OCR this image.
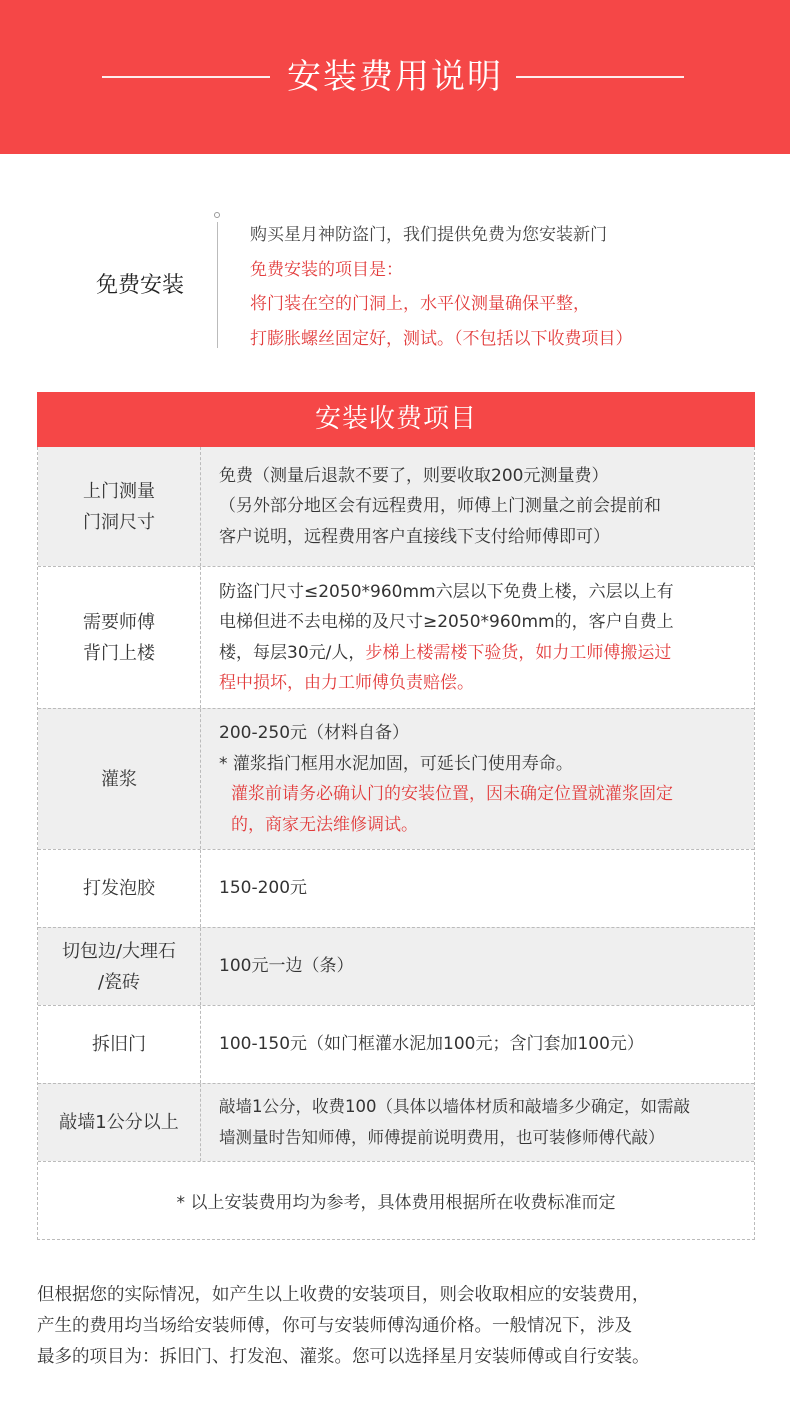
安装费用说明
免费安装
购买星月神防盗门，我们提供免费为您安装新门
免费安装的项目是：
将门装在空的门洞上，水平仪测量确保平整，
打膨胀螺丝固定好，测试。（不包括以下收费项目）
安装收费项目
上门测量
门洞尺寸
免费（测量后退款不要了，则要收取200元测量费）
（另外部分地区会有远程费用，师傅上门测量之前会提前和
客户说明，远程费用客户直接线下支付给师傅即可）
需要师傅
背门上楼
防盗门尺寸≤2050*960mm六层以下免费上楼，六层以上有
电梯但进不去电梯的及尺寸≥2050*960mm的，客户自费上
楼，每层30元/人，步梯上楼需楼下验货，如力工师傅搬运过
程中损坏，由力工师傅负责赔偿。
灌浆
200-250元（材料自备）
* 灌浆指门框用水泥加固，可延长门使用寿命。
灌浆前请务必确认门的安装位置，因未确定位置就灌浆固定
的，商家无法维修调试。
打发泡胶	150-200元
切包边/大理石
/瓷砖
100元一边（条）
拆旧门	100-150元（如门框灌水泥加100元；含门套加100元）
敲墙1公分以上
敲墙1公分，收费100（具体以墙体材质和敲墙多少确定，如需敲
墙测量时告知师傅，师傅提前说明费用，也可装修师傅代敲）
* 以上安装费用均为参考，具体费用根据所在收费标准而定
但根据您的实际情况，如产生以上收费的安装项目，则会收取相应的安装费用，
产生的费用均当场给安装师傅，你可与安装师傅沟通价格。一般情况下，涉及
最多的项目为：拆旧门、打发泡、灌浆。您可以选择星月安装师傅或自行安装。
